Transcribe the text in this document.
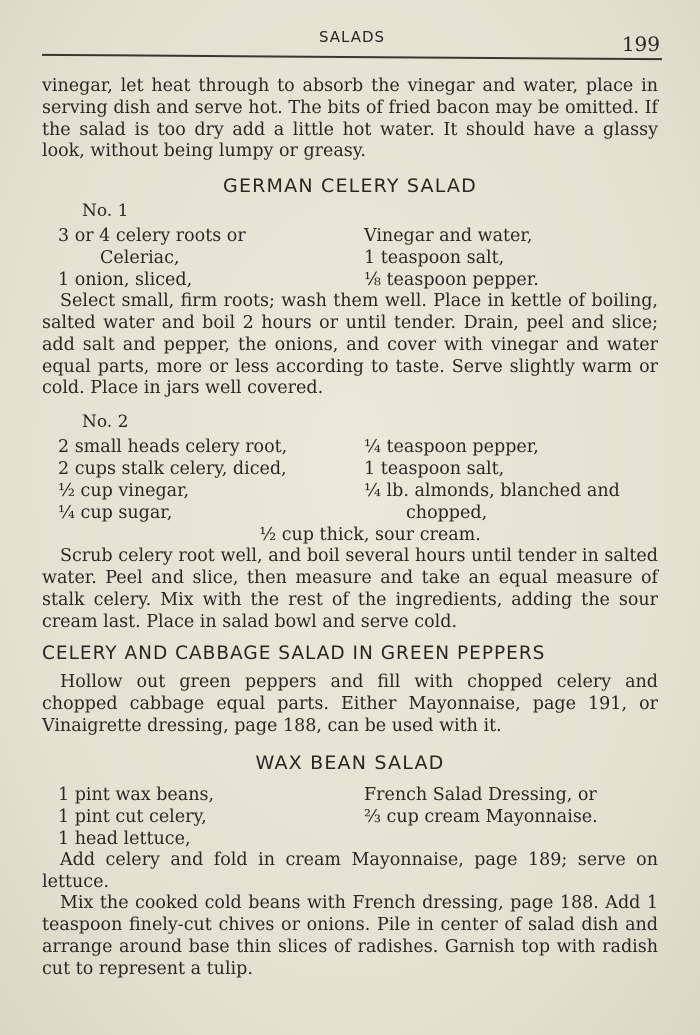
SALADS	199

vinegar, let heat through to absorb the vinegar and water, place in serving dish and serve hot. The bits of fried bacon may be omitted. If the salad is too dry add a little hot water. It should have a glassy look, without being lumpy or greasy.

GERMAN CELERY SALAD
No. 1
3 or 4 celery roots or	Vinegar and water,
Celeriac,	1 teaspoon salt,
1 onion, sliced,	⅛ teaspoon pepper.

Select small, firm roots; wash them well. Place in kettle of boiling, salted water and boil 2 hours or until tender. Drain, peel and slice; add salt and pepper, the onions, and cover with vinegar and water equal parts, more or less according to taste. Serve slightly warm or cold. Place in jars well covered.

No. 2
2 small heads celery root,	¼ teaspoon pepper,
2 cups stalk celery, diced,	1 teaspoon salt,
½ cup vinegar,	¼ lb. almonds, blanched and
¼ cup sugar,	chopped,
½ cup thick, sour cream.

Scrub celery root well, and boil several hours until tender in salted water. Peel and slice, then measure and take an equal measure of stalk celery. Mix with the rest of the ingredients, adding the sour cream last. Place in salad bowl and serve cold.

CELERY AND CABBAGE SALAD IN GREEN PEPPERS

Hollow out green peppers and fill with chopped celery and chopped cabbage equal parts. Either Mayonnaise, page 191, or Vinaigrette dressing, page 188, can be used with it.

WAX BEAN SALAD
1 pint wax beans,	French Salad Dressing, or
1 pint cut celery,	⅔ cup cream Mayonnaise.
1 head lettuce,

Add celery and fold in cream Mayonnaise, page 189; serve on lettuce.

Mix the cooked cold beans with French dressing, page 188. Add 1 teaspoon finely-cut chives or onions. Pile in center of salad dish and arrange around base thin slices of radishes. Garnish top with radish cut to represent a tulip.
